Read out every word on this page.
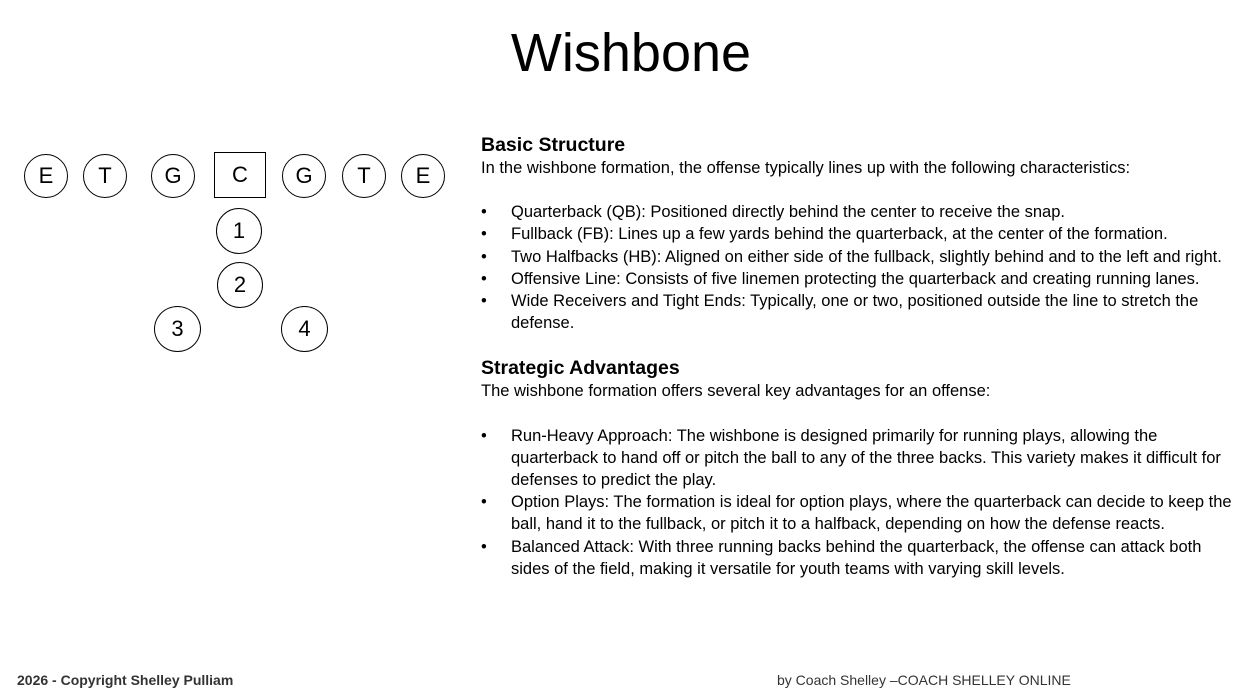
Wishbone
E	T	G	C	G	T	E
1
2
3	4
Basic Structure

In the wishbone formation, the offense typically lines up with the following characteristics:

• Quarterback (QB): Positioned directly behind the center to receive the snap.
• Fullback (FB): Lines up a few yards behind the quarterback, at the center of the formation.
• Two Halfbacks (HB): Aligned on either side of the fullback, slightly behind and to the left and right.
• Offensive Line: Consists of five linemen protecting the quarterback and creating running lanes.
• Wide Receivers and Tight Ends: Typically, one or two, positioned outside the line to stretch the defense.
Strategic Advantages

The wishbone formation offers several key advantages for an offense:

• Run-Heavy Approach: The wishbone is designed primarily for running plays, allowing the quarterback to hand off or pitch the ball to any of the three backs. This variety makes it difficult for defenses to predict the play.
• Option Plays: The formation is ideal for option plays, where the quarterback can decide to keep the ball, hand it to the fullback, or pitch it to a halfback, depending on how the defense reacts.
• Balanced Attack: With three running backs behind the quarterback, the offense can attack both sides of the field, making it versatile for youth teams with varying skill levels.
2026 - Copyright Shelley Pulliam	by Coach Shelley –COACH SHELLEY ONLINE
